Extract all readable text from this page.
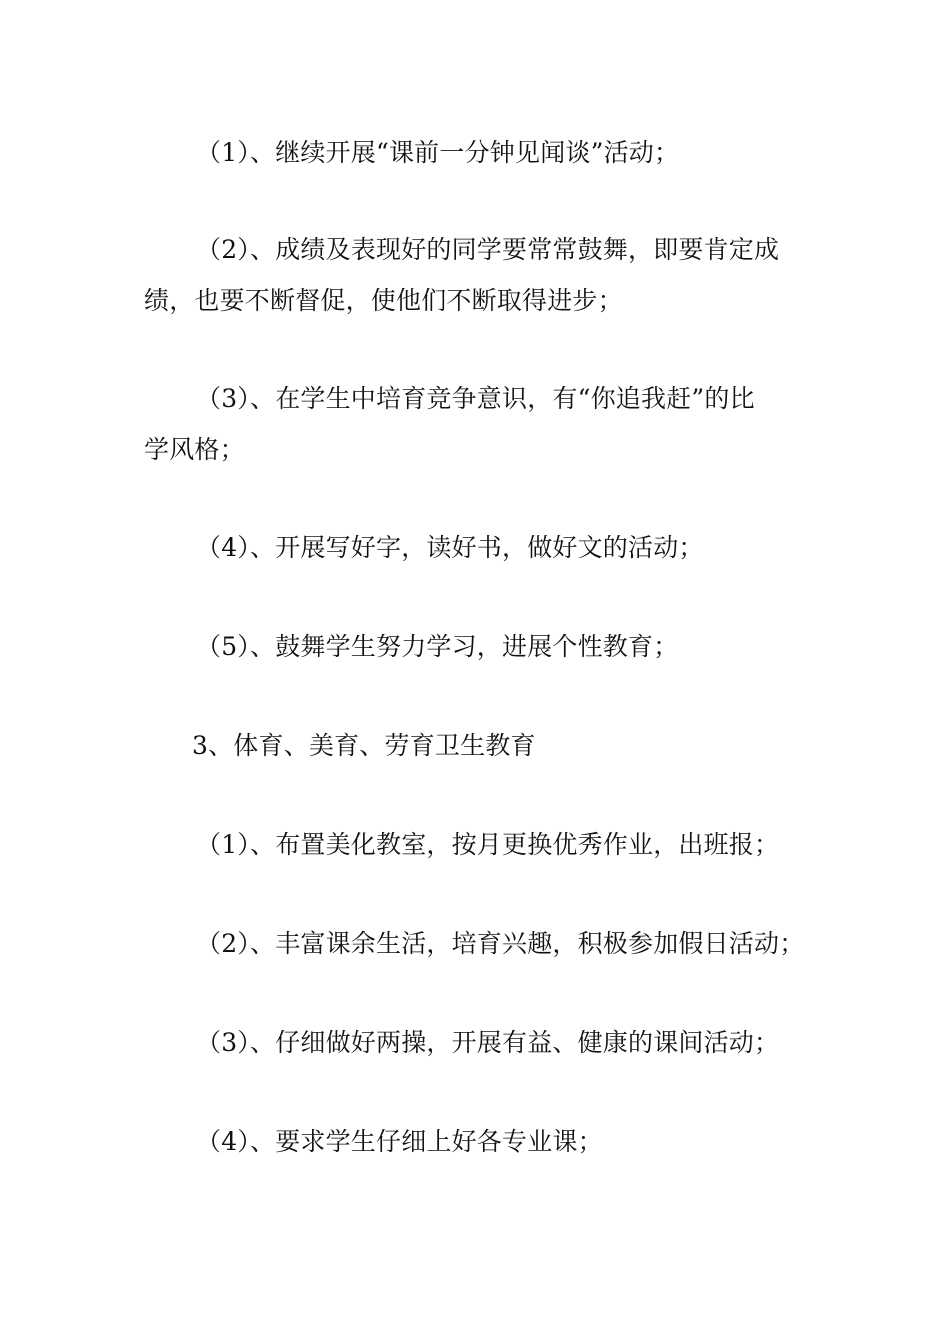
（1）、继续开展“课前一分钟见闻谈”活动；
（2）、成绩及表现好的同学要常常鼓舞，即要肯定成
绩，也要不断督促，使他们不断取得进步；
（3）、在学生中培育竞争意识，有“你追我赶”的比
学风格；
（4）、开展写好字，读好书，做好文的活动；
（5）、鼓舞学生努力学习，进展个性教育；
3、体育、美育、劳育卫生教育
（1）、布置美化教室，按月更换优秀作业，出班报；
（2）、丰富课余生活，培育兴趣，积极参加假日活动；
（3）、仔细做好两操，开展有益、健康的课间活动；
（4）、要求学生仔细上好各专业课；
